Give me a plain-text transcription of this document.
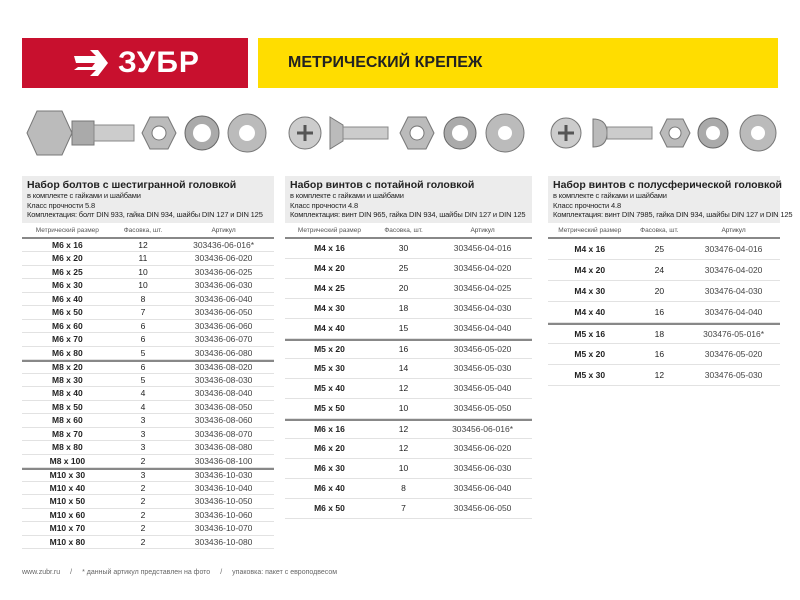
ЗУБР	МЕТРИЧЕСКИЙ КРЕПЕЖ
Набор болтов с шестигранной головкой
в комплекте с гайками и шайбами
Класс прочности 5.8
Комплектация: болт DIN 933, гайка DIN 934, шайбы DIN 127 и DIN 125
Метрический размер	Фасовка, шт.	Артикул
M6 x 16	12	303436-06-016*
M6 x 20	11	303436-06-020
M6 x 25	10	303436-06-025
M6 x 30	10	303436-06-030
M6 x 40	8	303436-06-040
M6 x 50	7	303436-06-050
M6 x 60	6	303436-06-060
M6 x 70	6	303436-06-070
M6 x 80	5	303436-06-080
M8 x 20	6	303436-08-020
M8 x 30	5	303436-08-030
M8 x 40	4	303436-08-040
M8 x 50	4	303436-08-050
M8 x 60	3	303436-08-060
M8 x 70	3	303436-08-070
M8 x 80	3	303436-08-080
M8 x 100	2	303436-08-100
M10 x 30	3	303436-10-030
M10 x 40	2	303436-10-040
M10 x 50	2	303436-10-050
M10 x 60	2	303436-10-060
M10 x 70	2	303436-10-070
M10 x 80	2	303436-10-080
Набор винтов с потайной головкой
в комплекте с гайками и шайбами
Класс прочности 4.8
Комплектация: винт DIN 965, гайка DIN 934, шайбы DIN 127 и DIN 125
Метрический размер	Фасовка, шт.	Артикул
M4 x 16	30	303456-04-016
M4 x 20	25	303456-04-020
M4 x 25	20	303456-04-025
M4 x 30	18	303456-04-030
M4 x 40	15	303456-04-040
M5 x 20	16	303456-05-020
M5 x 30	14	303456-05-030
M5 x 40	12	303456-05-040
M5 x 50	10	303456-05-050
M6 x 16	12	303456-06-016*
M6 x 20	12	303456-06-020
M6 x 30	10	303456-06-030
M6 x 40	8	303456-06-040
M6 x 50	7	303456-06-050
Набор винтов с полусферической головкой
в комплекте с гайками и шайбами
Класс прочности 4.8
Комплектация: винт DIN 7985, гайка DIN 934, шайбы DIN 127 и DIN 125
Метрический размер	Фасовка, шт.	Артикул
M4 x 16	25	303476-04-016
M4 x 20	24	303476-04-020
M4 x 30	20	303476-04-030
M4 x 40	16	303476-04-040
M5 x 16	18	303476-05-016*
M5 x 20	16	303476-05-020
M5 x 30	12	303476-05-030
www.zubr.ru / * данный артикул представлен на фото / упаковка: пакет с европодвесом
